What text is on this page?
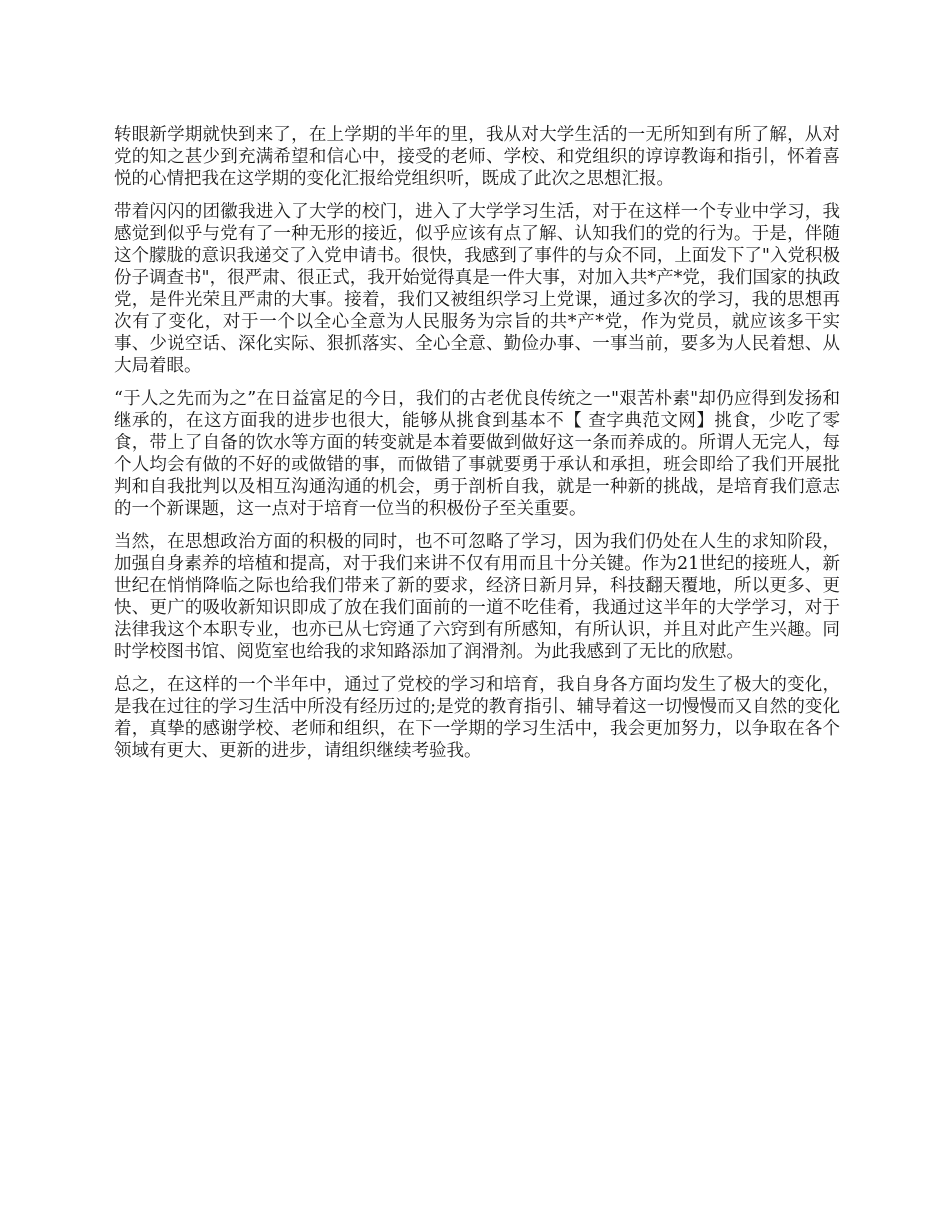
转眼新学期就快到来了，在上学期的半年的里，我从对大学生活的一无所知到有所了解，从对党的知之甚少到充满希望和信心中，接受的老师、学校、和党组织的谆谆教诲和指引，怀着喜悦的心情把我在这学期的变化汇报给党组织听，既成了此次之思想汇报。

带着闪闪的团徽我进入了大学的校门，进入了大学学习生活，对于在这样一个专业中学习，我感觉到似乎与党有了一种无形的接近，似乎应该有点了解、认知我们的党的行为。于是，伴随这个朦胧的意识我递交了入党申请书。很快，我感到了事件的与众不同，上面发下了"入党积极份子调查书"，很严肃、很正式，我开始觉得真是一件大事，对加入共*产*党，我们国家的执政党，是件光荣且严肃的大事。接着，我们又被组织学习上党课，通过多次的学习，我的思想再次有了变化，对于一个以全心全意为人民服务为宗旨的共*产*党，作为党员，就应该多干实事、少说空话、深化实际、狠抓落实、全心全意、勤俭办事、一事当前，要多为人民着想、从大局着眼。

“于人之先而为之”在日益富足的今日，我们的古老优良传统之一"艰苦朴素"却仍应得到发扬和继承的，在这方面我的进步也很大，能够从挑食到基本不【 查字典范文网】挑食，少吃了零食，带上了自备的饮水等方面的转变就是本着要做到做好这一条而养成的。所谓人无完人，每个人均会有做的不好的或做错的事，而做错了事就要勇于承认和承担，班会即给了我们开展批判和自我批判以及相互沟通沟通的机会，勇于剖析自我，就是一种新的挑战，是培育我们意志的一个新课题，这一点对于培育一位当的积极份子至关重要。

当然，在思想政治方面的积极的同时，也不可忽略了学习，因为我们仍处在人生的求知阶段，加强自身素养的培植和提高，对于我们来讲不仅有用而且十分关键。作为21世纪的接班人，新世纪在悄悄降临之际也给我们带来了新的要求，经济日新月异，科技翻天覆地，所以更多、更快、更广的吸收新知识即成了放在我们面前的一道不吃佳肴，我通过这半年的大学学习，对于法律我这个本职专业，也亦已从七窍通了六窍到有所感知，有所认识，并且对此产生兴趣。同时学校图书馆、阅览室也给我的求知路添加了润滑剂。为此我感到了无比的欣慰。

总之，在这样的一个半年中，通过了党校的学习和培育，我自身各方面均发生了极大的变化，是我在过往的学习生活中所没有经历过的;是党的教育指引、辅导着这一切慢慢而又自然的变化着，真挚的感谢学校、老师和组织，在下一学期的学习生活中，我会更加努力，以争取在各个领域有更大、更新的进步，请组织继续考验我。
